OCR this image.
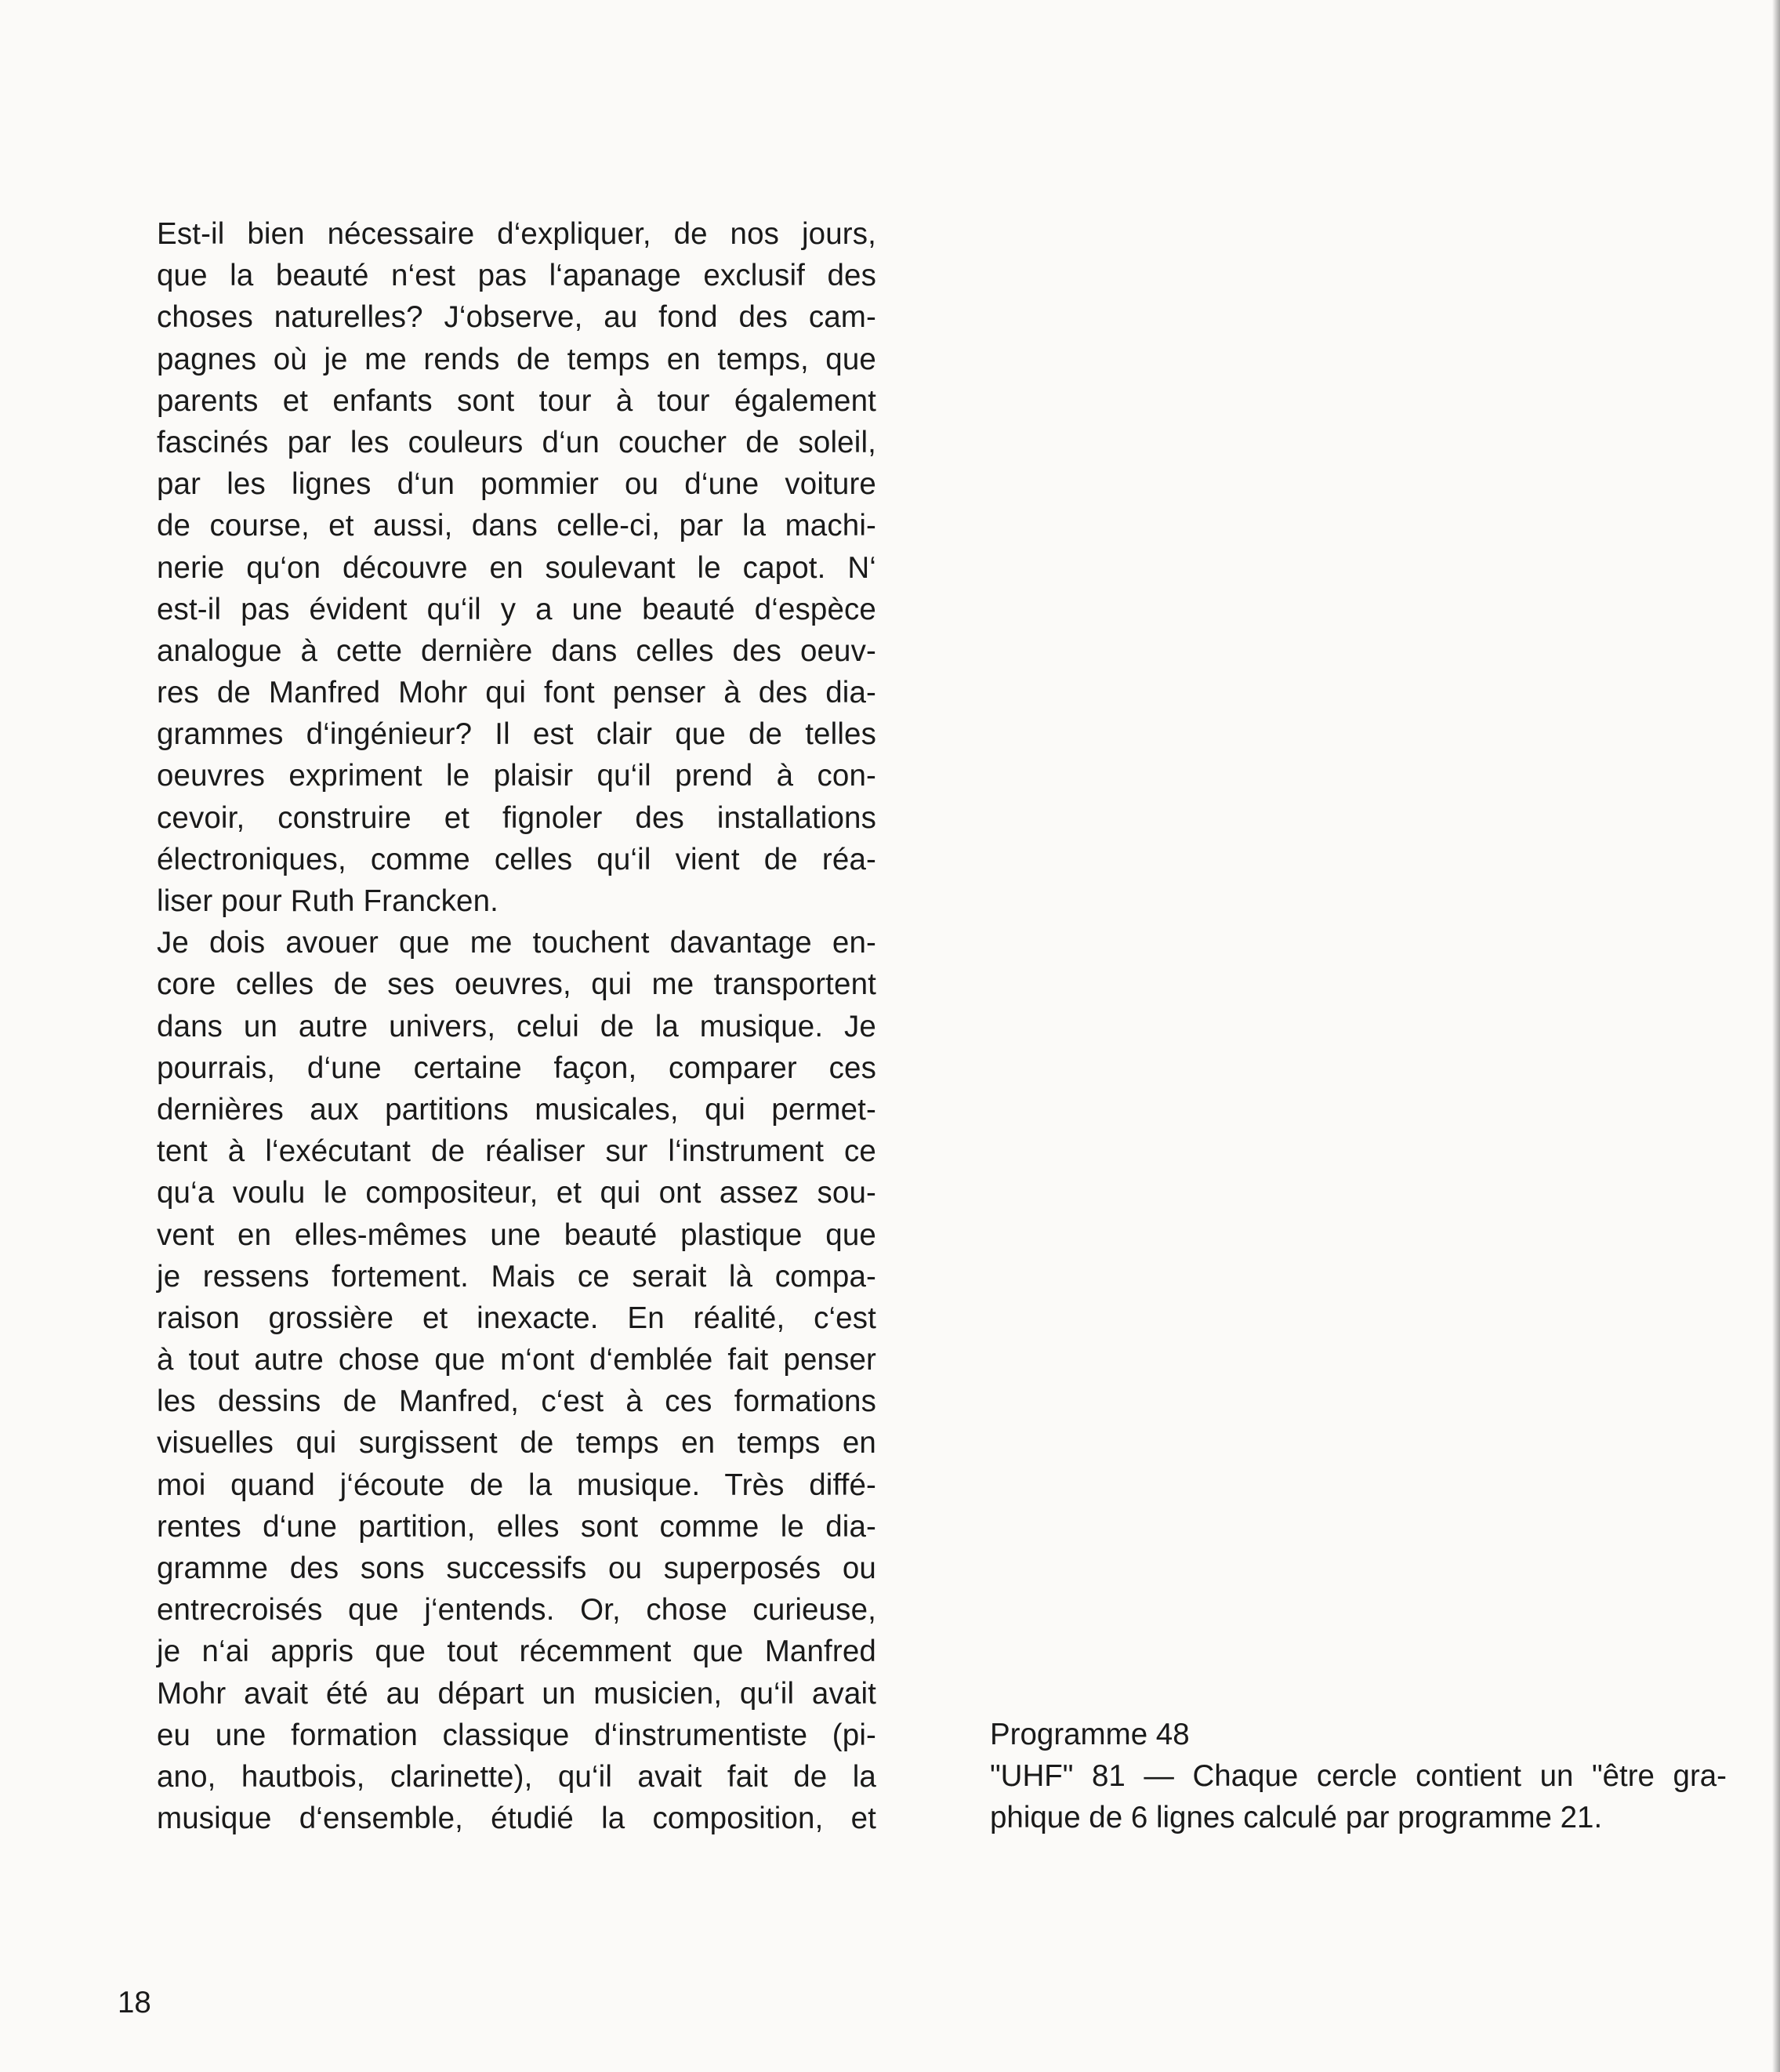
Est-il bien nécessaire d‘expliquer, de nos jours,
que la beauté n‘est pas l‘apanage exclusif des
choses naturelles? J‘observe, au fond des cam-
pagnes où je me rends de temps en temps, que
parents et enfants sont tour à tour également
fascinés par les couleurs d‘un coucher de soleil,
par les lignes d‘un pommier ou d‘une voiture
de course, et aussi, dans celle-ci, par la machi-
nerie qu‘on découvre en soulevant le capot. N‘
est-il pas évident qu‘il y a une beauté d‘espèce
analogue à cette dernière dans celles des oeuv-
res de Manfred Mohr qui font penser à des dia-
grammes d‘ingénieur? Il est clair que de telles
oeuvres expriment le plaisir qu‘il prend à con-
cevoir, construire et fignoler des installations
électroniques, comme celles qu‘il vient de réa-
liser pour Ruth Francken.
Je dois avouer que me touchent davantage en-
core celles de ses oeuvres, qui me transportent
dans un autre univers, celui de la musique. Je
pourrais, d‘une certaine façon, comparer ces
dernières aux partitions musicales, qui permet-
tent à l‘exécutant de réaliser sur l‘instrument ce
qu‘a voulu le compositeur, et qui ont assez sou-
vent en elles-mêmes une beauté plastique que
je ressens fortement. Mais ce serait là compa-
raison grossière et inexacte. En réalité, c‘est
à tout autre chose que m‘ont d‘emblée fait penser
les dessins de Manfred, c‘est à ces formations
visuelles qui surgissent de temps en temps en
moi quand j‘écoute de la musique. Très diffé-
rentes d‘une partition, elles sont comme le dia-
gramme des sons successifs ou superposés ou
entrecroisés que j‘entends. Or, chose curieuse,
je n‘ai appris que tout récemment que Manfred
Mohr avait été au départ un musicien, qu‘il avait
eu une formation classique d‘instrumentiste (pi-
ano, hautbois, clarinette), qu‘il avait fait de la
musique d‘ensemble, étudié la composition, et
Programme 48
"UHF" 81 — Chaque cercle contient un "être gra-
phique de 6 lignes calculé par programme 21.
18
